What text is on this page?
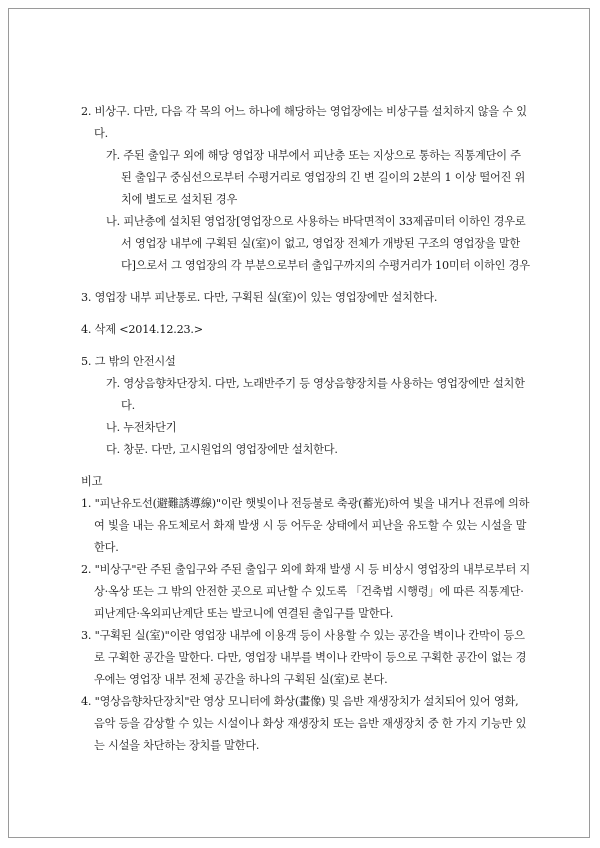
2. 비상구. 다만, 다음 각 목의 어느 하나에 해당하는 영업장에는 비상구를 설치하지 않을 수 있다.

가. 주된 출입구 외에 해당 영업장 내부에서 피난층 또는 지상으로 통하는 직통계단이 주된 출입구 중심선으로부터 수평거리로 영업장의 긴 변 길이의 2분의 1 이상 떨어진 위치에 별도로 설치된 경우

나. 피난층에 설치된 영업장[영업장으로 사용하는 바닥면적이 33제곱미터 이하인 경우로서 영업장 내부에 구획된 실(室)이 없고, 영업장 전체가 개방된 구조의 영업장을 말한다]으로서 그 영업장의 각 부분으로부터 출입구까지의 수평거리가 10미터 이하인 경우

3. 영업장 내부 피난통로. 다만, 구획된 실(室)이 있는 영업장에만 설치한다.

4. 삭제 <2014.12.23.>

5. 그 밖의 안전시설

가. 영상음향차단장치. 다만, 노래반주기 등 영상음향장치를 사용하는 영업장에만 설치한다.

나. 누전차단기

다. 창문. 다만, 고시원업의 영업장에만 설치한다.

비고

1. "피난유도선(避難誘導線)"이란 햇빛이나 전등불로 축광(蓄光)하여 빛을 내거나 전류에 의하여 빛을 내는 유도체로서 화재 발생 시 등 어두운 상태에서 피난을 유도할 수 있는 시설을 말한다.

2. "비상구"란 주된 출입구와 주된 출입구 외에 화재 발생 시 등 비상시 영업장의 내부로부터 지상·옥상 또는 그 밖의 안전한 곳으로 피난할 수 있도록 「건축법 시행령」에 따른 직통계단·피난계단·옥외피난계단 또는 발코니에 연결된 출입구를 말한다.

3. "구획된 실(室)"이란 영업장 내부에 이용객 등이 사용할 수 있는 공간을 벽이나 칸막이 등으로 구획한 공간을 말한다. 다만, 영업장 내부를 벽이나 칸막이 등으로 구획한 공간이 없는 경우에는 영업장 내부 전체 공간을 하나의 구획된 실(室)로 본다.

4. "영상음향차단장치"란 영상 모니터에 화상(畫像) 및 음반 재생장치가 설치되어 있어 영화, 음악 등을 감상할 수 있는 시설이나 화상 재생장치 또는 음반 재생장치 중 한 가지 기능만 있는 시설을 차단하는 장치를 말한다.
